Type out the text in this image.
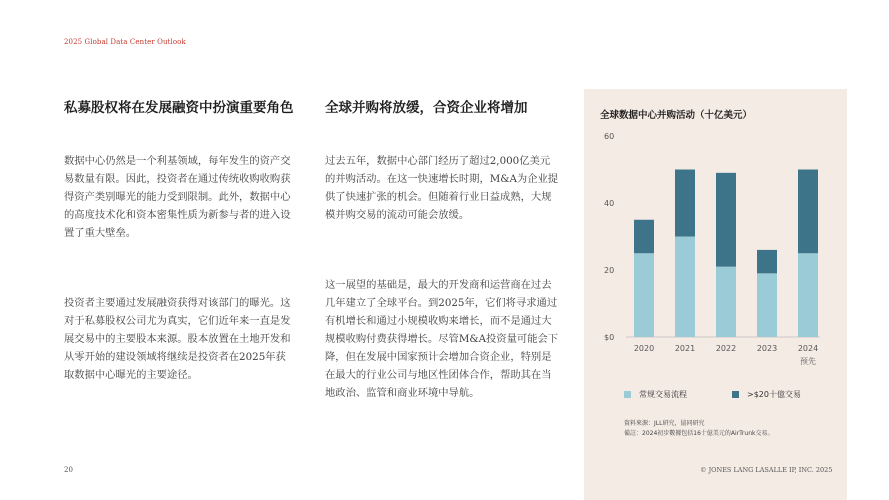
2025 Global Data Center Outlook
私募股权将在发展融资中扮演重要角色
数据中心仍然是一个利基领域，每年发生的资产交易数量有限。因此，投资者在通过传统收购收购获得资产类别曝光的能力受到限制。此外，数据中心的高度技术化和资本密集性质为新参与者的进入设置了重大壁垒。
投资者主要通过发展融资获得对该部门的曝光。这对于私募股权公司尤为真实，它们近年来一直是发展交易中的主要股本来源。股本放置在土地开发和从零开始的建设领域将继续是投资者在2025年获取数据中心曝光的主要途径。
全球并购将放缓，合资企业将增加
过去五年，数据中心部门经历了超过2,000亿美元的并购活动。在这一快速增长时期，M&A为企业提供了快速扩张的机会。但随着行业日益成熟，大规模并购交易的流动可能会放缓。
这一展望的基础是，最大的开发商和运营商在过去几年建立了全球平台。到2025年，它们将寻求通过有机增长和通过小规模收购来增长，而不是通过大规模收购付费获得增长。尽管M&A投资量可能会下降，但在发展中国家预计会增加合资企业，特别是在最大的行业公司与地区性团体合作，帮助其在当地政治、监管和商业环境中导航。
全球数据中心并购活动（十亿美元）
$0
20
40
60
2020	2021	2022	2023	2024
预先
常规交易流程	>$20十億交易
資料來源：JLL研究，協同研究
備註：2024初步數據包括16十億美元的AirTrunk交易。
20	© JONES LANG LASALLE IP, INC. 2025
